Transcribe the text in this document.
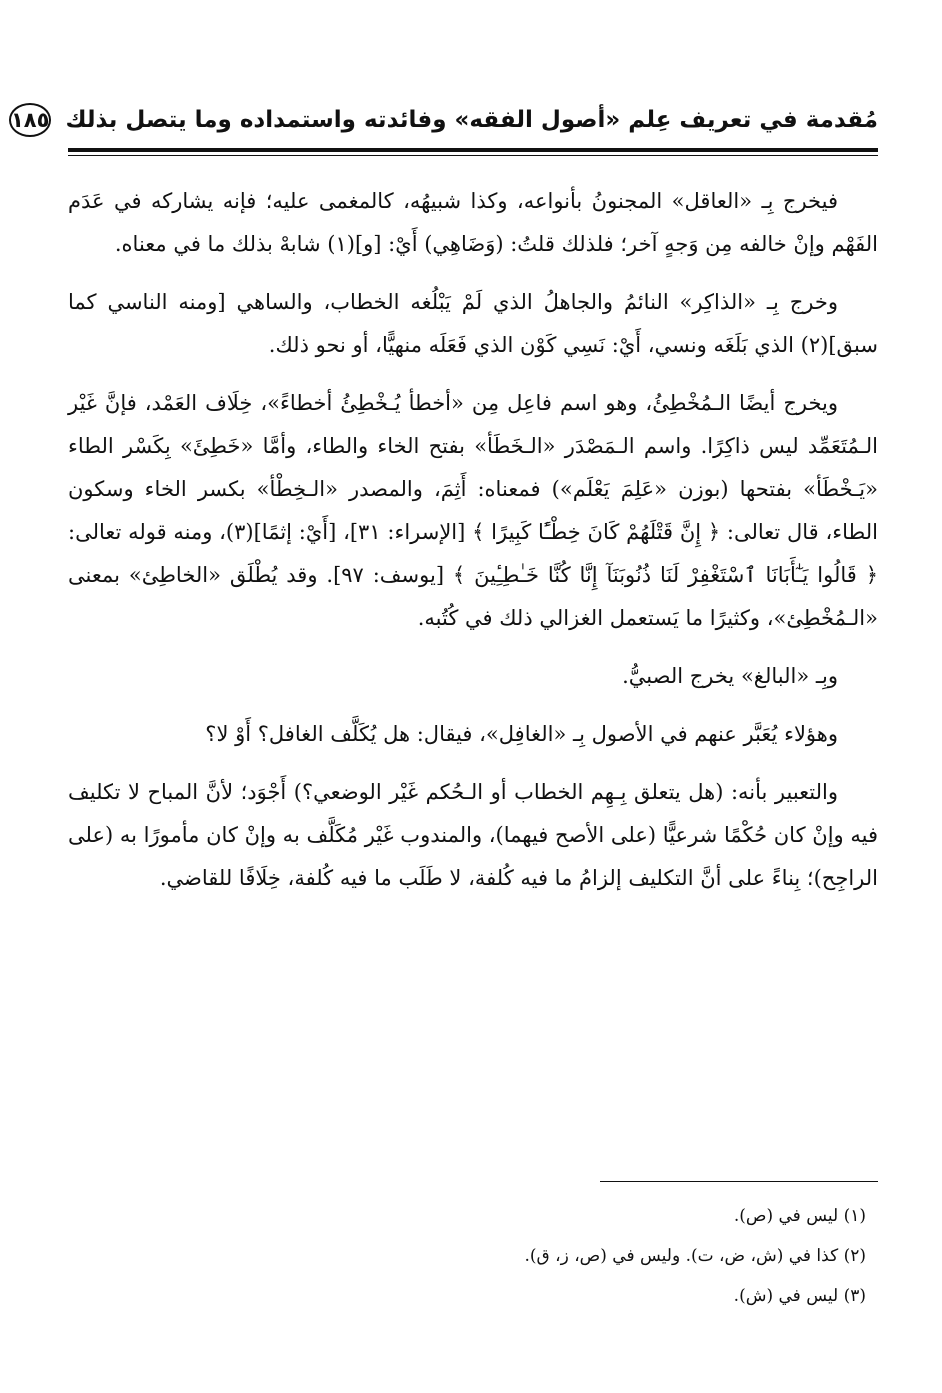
مُقدمة في تعريف عِلم «أصول الفقه» وفائدته واستمداده وما يتصل بذلك
١٨٥

فيخرج بِـ «العاقل» المجنونُ بأنواعه، وكذا شبيهُه، كالمغمى عليه؛ فإنه يشاركه في عَدَم الفَهْم وإنْ خالفه مِن وَجهٍ آخر؛ فلذلك قلتُ: (وَضَاهِي) أَيْ: [و](١) شابهْ بذلك ما في معناه.

وخرج بِـ «الذاكِر» النائمُ والجاهلُ الذي لَمْ يَبْلُغه الخطاب، والساهي [ومنه الناسي كما سبق](٢) الذي بَلَغَه ونسي، أَيْ: نَسِي كَوْن الذي فَعَلَه منهيًّا، أو نحو ذلك.

ويخرج أيضًا الـمُخْطِئُ، وهو اسم فاعِل مِن «أخطأ يُـخْطِئُ أخطاءً»، خِلَاف العَمْد، فإنَّ غَيْر الـمُتَعَمِّد ليس ذاكِرًا. واسم الـمَصْدَر «الـخَطَأ» بفتح الخاء والطاء، وأمَّا «خَطِئَ» بِكَسْر الطاء «يَـخْطَأ» بفتحها (بوزن «عَلِمَ يَعْلَم») فمعناه: أَثِمَ، والمصدر «الـخِطْأ» بكسر الخاء وسكون الطاء، قال تعالى: ﴿ إِنَّ قَتْلَهُمْ كَانَ خِطْـًٔا كَبِيرًا ﴾ [الإسراء: ٣١]، [أَيْ: إثمًا](٣)، ومنه قوله تعالى: ﴿ قَالُوا يَـٰٓأَبَانَا ٱسْتَغْفِرْ لَنَا ذُنُوبَنَآ إِنَّا كُنَّا خَـٰطِـِٔينَ ﴾ [يوسف: ٩٧]. وقد يُطْلَق «الخاطِئ» بمعنى «الـمُخْطِئ»، وكثيرًا ما يَستعمل الغزالي ذلك في كُتُبه.

وبِـ «البالغ» يخرج الصبيُّ.

وهؤلاء يُعَبَّر عنهم في الأصول بِـ «الغافِل»، فيقال: هل يُكَلَّف الغافل؟ أَوْ لا؟

والتعبير بأنه: (هل يتعلق بِـهِم الخطاب أو الـحُكم غَيْر الوضعي؟) أَجْوَد؛ لأنَّ المباح لا تكليف فيه وإنْ كان حُكْمًا شرعيًّا (على الأصح فيهما)، والمندوب غَيْر مُكَلَّف به وإنْ كان مأمورًا به (على الراجِح)؛ بِناءً على أنَّ التكليف إلزامُ ما فيه كُلفة، لا طَلَب ما فيه كُلفة، خِلَافًا للقاضي.

(١) ليس في (ص).
(٢) كذا في (ش، ض، ت). وليس في (ص، ز، ق).
(٣) ليس في (ش).
